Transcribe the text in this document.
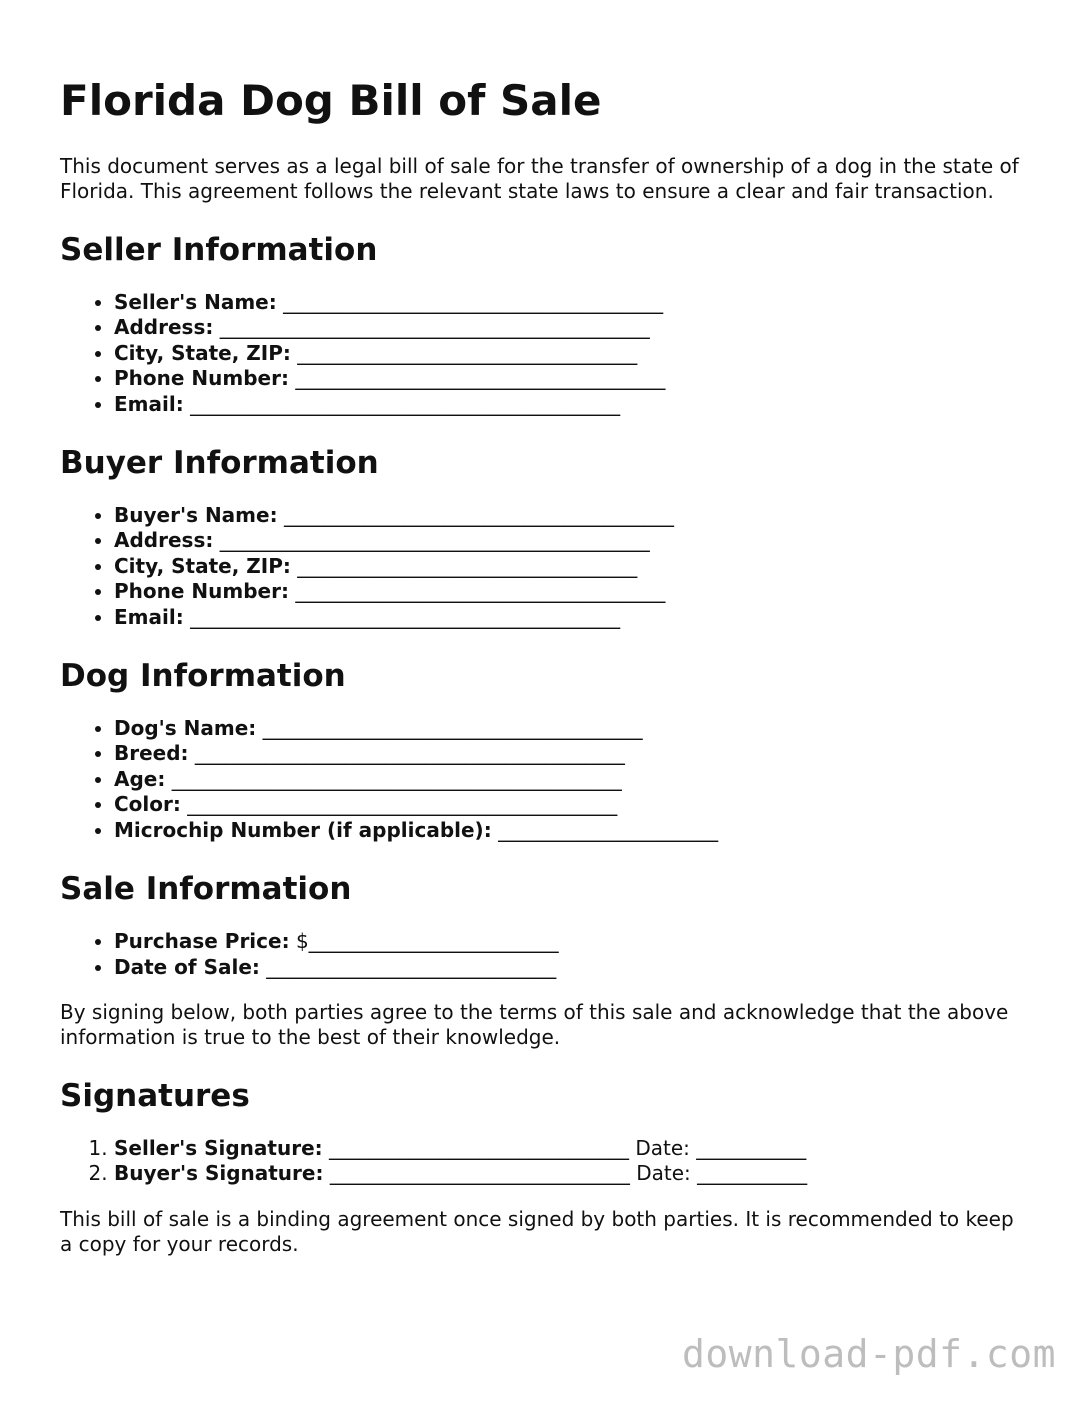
Florida Dog Bill of Sale

This document serves as a legal bill of sale for the transfer of ownership of a dog in the state of Florida. This agreement follows the relevant state laws to ensure a clear and fair transaction.

Seller Information
• Seller's Name: ______________________________________
• Address: ___________________________________________
• City, State, ZIP: __________________________________
• Phone Number: _____________________________________
• Email: ___________________________________________
Buyer Information
• Buyer's Name: _______________________________________
• Address: ___________________________________________
• City, State, ZIP: __________________________________
• Phone Number: _____________________________________
• Email: ___________________________________________
Dog Information
• Dog's Name: ______________________________________
• Breed: ___________________________________________
• Age: _____________________________________________
• Color: ___________________________________________
• Microchip Number (if applicable): ______________________
Sale Information
• Purchase Price: $_________________________
• Date of Sale: _____________________________

By signing below, both parties agree to the terms of this sale and acknowledge that the above information is true to the best of their knowledge.

Signatures
1. Seller's Signature: ______________________________ Date: ___________
2. Buyer's Signature: ______________________________ Date: ___________

This bill of sale is a binding agreement once signed by both parties. It is recommended to keep a copy for your records.

download-pdf.com
